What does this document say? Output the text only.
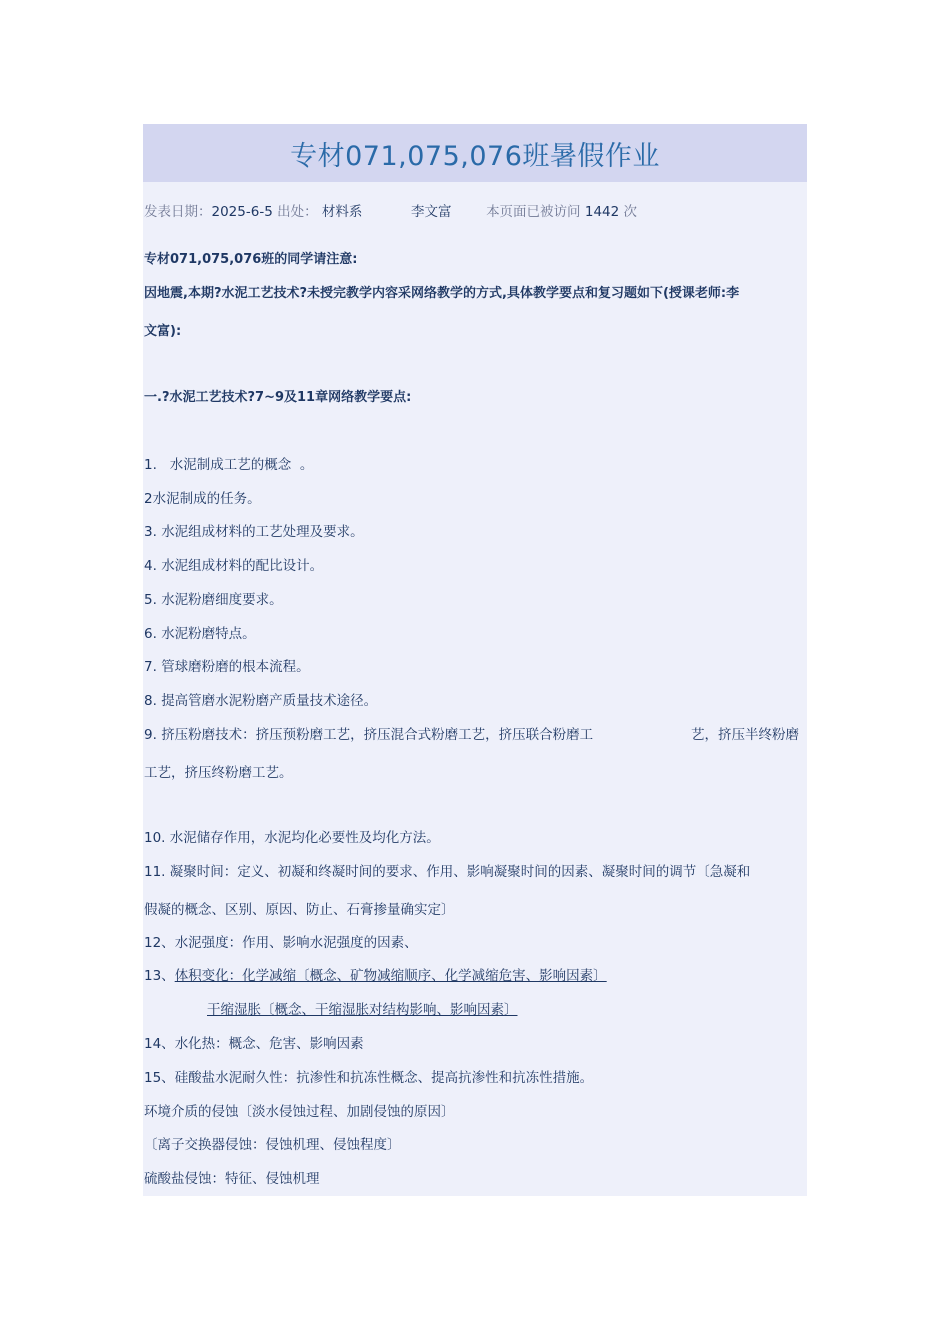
专材071,075,076班暑假作业
发表日期：2025-6-5 出处： 材料系	李文富	本页面已被访问 1442 次
专材071,075,076班的同学请注意:
因地震,本期?水泥工艺技术?未授完教学内容采网络教学的方式,具体教学要点和复习题如下(授课老师:李
文富):
一.?水泥工艺技术?7~9及11章网络教学要点:
1.   水泥制成工艺的概念  。
2水泥制成的任务。
3. 水泥组成材料的工艺处理及要求。
4. 水泥组成材料的配比设计。
5. 水泥粉磨细度要求。
6. 水泥粉磨特点。
7. 管球磨粉磨的根本流程。
8. 提高管磨水泥粉磨产质量技术途径。
9. 挤压粉磨技术：挤压预粉磨工艺，挤压混合式粉磨工艺，挤压联合粉磨工	艺，挤压半终粉磨
工艺，挤压终粉磨工艺。
10. 水泥储存作用，水泥均化必要性及均化方法。
11. 凝聚时间：定义、初凝和终凝时间的要求、作用、影响凝聚时间的因素、凝聚时间的调节〔急凝和
假凝的概念、区别、原因、防止、石膏掺量确实定〕
12、水泥强度：作用、影响水泥强度的因素、
13、体积变化：化学减缩〔概念、矿物减缩顺序、化学减缩危害、影响因素〕
干缩湿胀〔概念、干缩湿胀对结构影响、影响因素〕
14、水化热：概念、危害、影响因素
15、硅酸盐水泥耐久性：抗渗性和抗冻性概念、提高抗渗性和抗冻性措施。
环境介质的侵蚀〔淡水侵蚀过程、加剧侵蚀的原因〕
〔离子交换器侵蚀：侵蚀机理、侵蚀程度〕
硫酸盐侵蚀：特征、侵蚀机理
